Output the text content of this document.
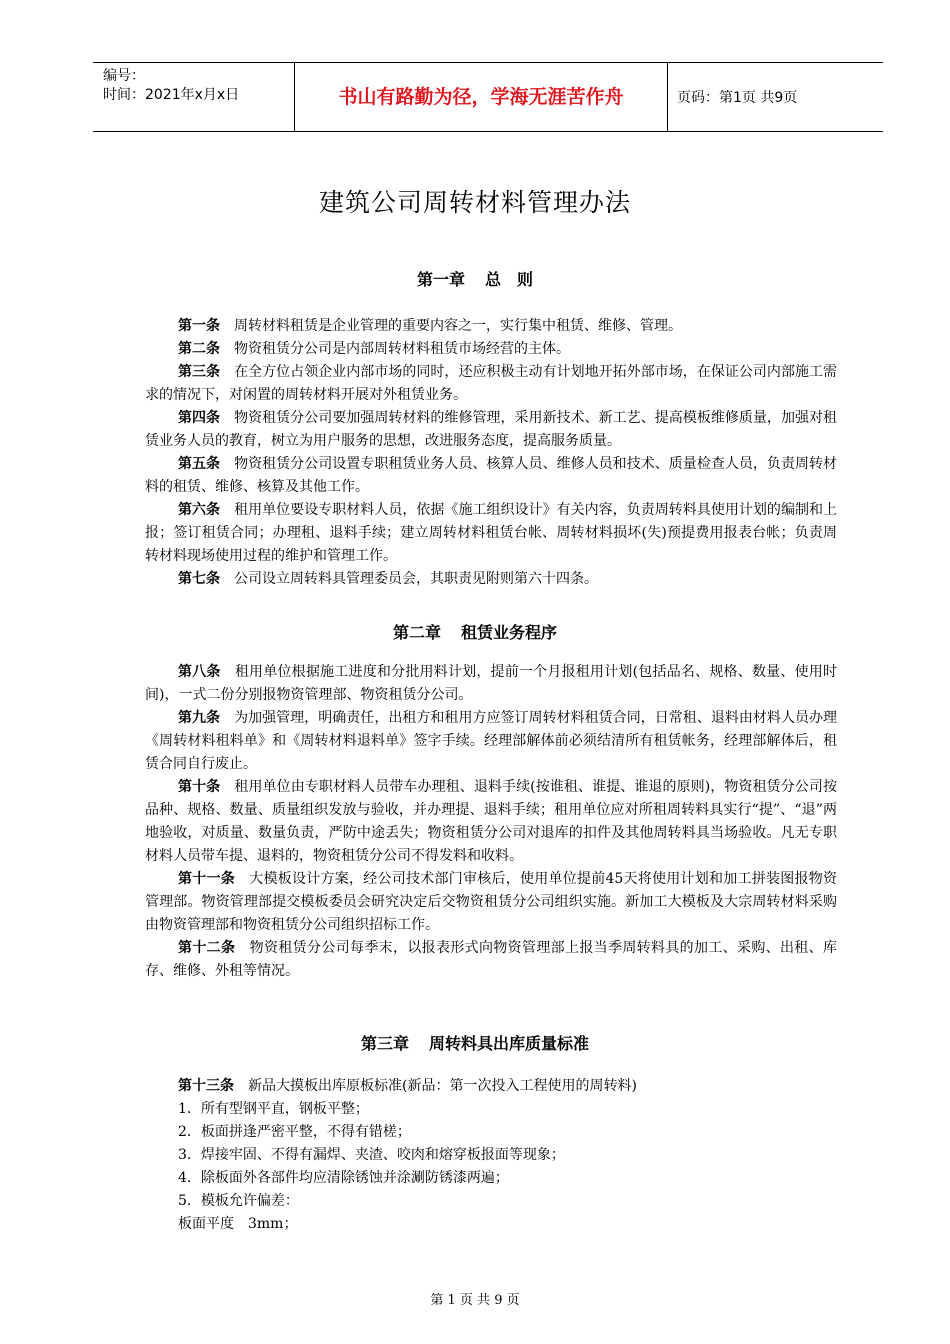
编号：
时间：2021年x月x日	书山有路勤为径，学海无涯苦作舟	页码：第1页 共9页
建筑公司周转材料管理办法
第一章 总　则

第一条 周转材料租赁是企业管理的重要内容之一，实行集中租赁、维修、管理。

第二条 物资租赁分公司是内部周转材料租赁市场经营的主体。

第三条 在全方位占领企业内部市场的同时，还应积极主动有计划地开拓外部市场，在保证公司内部施工需求的情况下，对闲置的周转材料开展对外租赁业务。

第四条 物资租赁分公司要加强周转材料的维修管理，采用新技术、新工艺、提高模板维修质量，加强对租赁业务人员的教育，树立为用户服务的思想，改进服务态度，提高服务质量。

第五条 物资租赁分公司设置专职租赁业务人员、核算人员、维修人员和技术、质量检查人员，负责周转材料的租赁、维修、核算及其他工作。

第六条 租用单位要设专职材料人员，依据《施工组织设计》有关内容，负责周转料具使用计划的编制和上报；签订租赁合同；办理租、退料手续；建立周转材料租赁台帐、周转材料损坏(失)预提费用报表台帐；负责周转材料现场使用过程的维护和管理工作。

第七条 公司设立周转料具管理委员会，其职责见附则第六十四条。

第二章 租赁业务程序

第八条 租用单位根据施工进度和分批用料计划，提前一个月报租用计划(包括品名、规格、数量、使用时间)，一式二份分别报物资管理部、物资租赁分公司。

第九条 为加强管理，明确责任，出租方和租用方应签订周转材料租赁合同，日常租、退料由材料人员办理《周转材料租料单》和《周转材料退料单》签字手续。经理部解体前必须结清所有租赁帐务，经理部解体后，租赁合同自行废止。

第十条 租用单位由专职材料人员带车办理租、退料手续(按谁租、谁提、谁退的原则)，物资租赁分公司按品种、规格、数量、质量组织发放与验收，并办理提、退料手续；租用单位应对所租周转料具实行“提”、“退”两地验收，对质量、数量负责，严防中途丢失；物资租赁分公司对退库的扣件及其他周转料具当场验收。凡无专职材料人员带车提、退料的，物资租赁分公司不得发料和收料。

第十一条 大模板设计方案，经公司技术部门审核后，使用单位提前45天将使用计划和加工拼装图报物资管理部。物资管理部提交模板委员会研究决定后交物资租赁分公司组织实施。新加工大模板及大宗周转材料采购由物资管理部和物资租赁分公司组织招标工作。

第十二条 物资租赁分公司每季末，以报表形式向物资管理部上报当季周转料具的加工、采购、出租、库存、维修、外租等情况。

第三章 周转料具出库质量标准

第十三条 新品大摸板出库原板标准(新品：第一次投入工程使用的周转料)

1．所有型钢平直，钢板平整；

2．板面拼逢严密平整，不得有错槎；

3．焊接牢固、不得有漏焊、夹渣、咬肉和熔穿板报面等现象；

4．除板面外各部件均应清除锈蚀并涂涮防锈漆两遍；

5．模板允许偏差：

板面平度 3mm；

第 1 页 共 9 页
